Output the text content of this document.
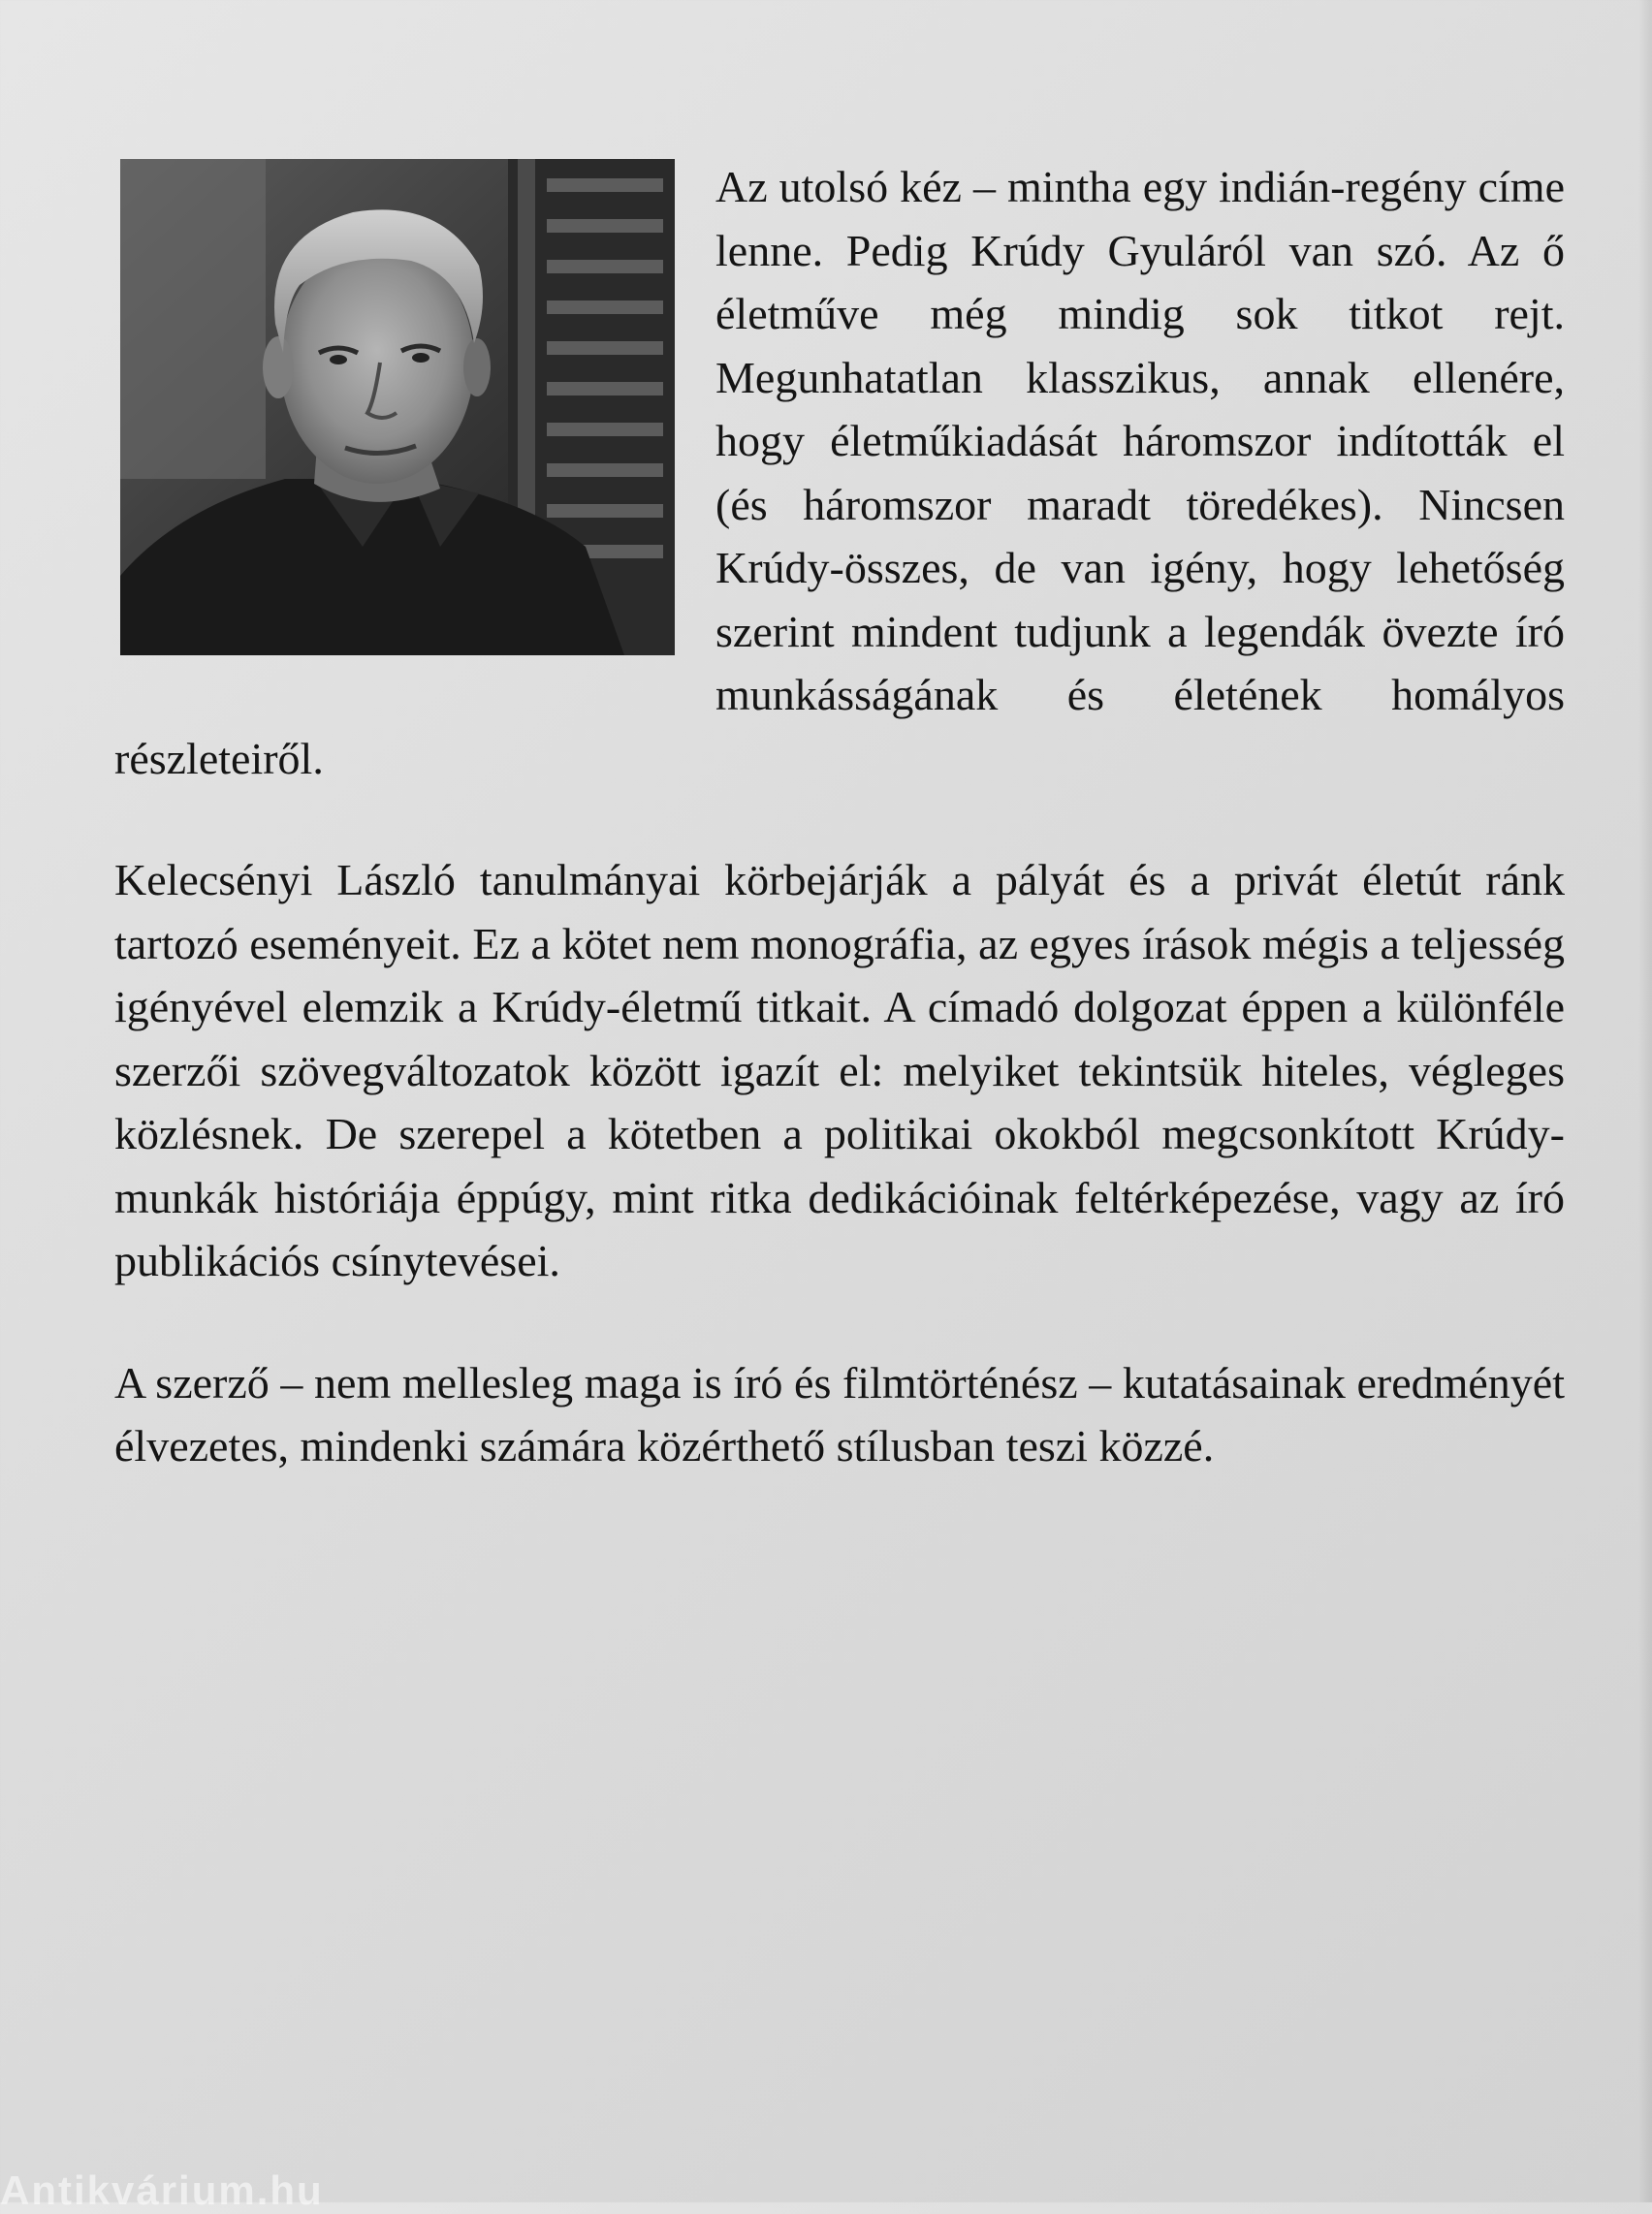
Az utolsó kéz – mintha egy indián-regény címe lenne. Pedig Krúdy Gyuláról van szó. Az ő életműve még mindig sok titkot rejt. Megunhatatlan klasszikus, annak ellenére, hogy életműkiadását háromszor indították el (és háromszor maradt töredékes). Nincsen Krúdy-összes, de van igény, hogy lehetőség szerint mindent tudjunk a legendák övezte író munkásságának és életének homályos részleteiről.

Kelecsényi László tanulmányai körbejárják a pályát és a privát életút ránk tartozó eseményeit. Ez a kötet nem monográfia, az egyes írások mégis a teljesség igényével elemzik a Krúdy-életmű titkait. A címadó dolgozat éppen a különféle szerzői szövegváltozatok között igazít el: melyiket tekintsük hiteles, végleges közlésnek. De szerepel a kötetben a politikai okokból megcsonkított Krúdy-munkák históriája éppúgy, mint ritka dedikációinak feltérképezése, vagy az író publikációs csínytevései.

A szerző – nem mellesleg maga is író és filmtörténész – kutatásainak eredményét élvezetes, mindenki számára közérthető stílusban teszi közzé.

Antikvárium.hu
